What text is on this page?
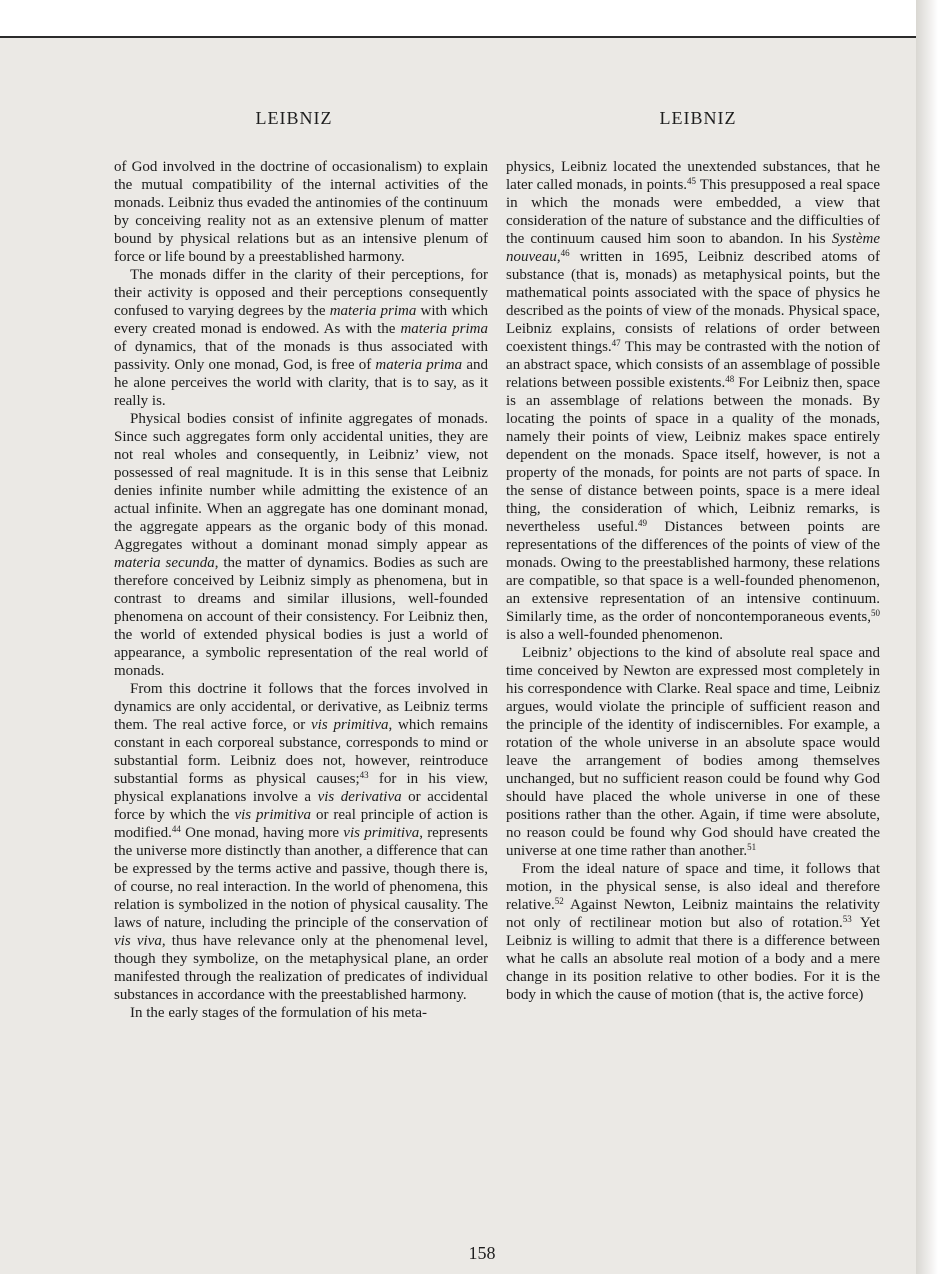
LEIBNIZ	LEIBNIZ

of God involved in the doctrine of occasionalism) to explain the mutual compatibility of the internal activities of the monads. Leibniz thus evaded the antinomies of the continuum by conceiving reality not as an extensive plenum of matter bound by physical relations but as an intensive plenum of force or life bound by a preestablished harmony.

The monads differ in the clarity of their perceptions, for their activity is opposed and their perceptions consequently confused to varying degrees by the materia prima with which every created monad is endowed. As with the materia prima of dynamics, that of the monads is thus associated with passivity. Only one monad, God, is free of materia prima and he alone perceives the world with clarity, that is to say, as it really is.

Physical bodies consist of infinite aggregates of monads. Since such aggregates form only accidental unities, they are not real wholes and consequently, in Leibniz’ view, not possessed of real magnitude. It is in this sense that Leibniz denies infinite number while admitting the existence of an actual infinite. When an aggregate has one dominant monad, the aggregate appears as the organic body of this monad. Aggregates without a dominant monad simply appear as materia secunda, the matter of dynamics. Bodies as such are therefore conceived by Leibniz simply as phenomena, but in contrast to dreams and similar illusions, well-founded phenomena on account of their consistency. For Leibniz then, the world of extended physical bodies is just a world of appearance, a symbolic representation of the real world of monads.

From this doctrine it follows that the forces involved in dynamics are only accidental, or derivative, as Leibniz terms them. The real active force, or vis primitiva, which remains constant in each corporeal substance, corresponds to mind or substantial form. Leibniz does not, however, reintroduce substantial forms as physical causes;$^{43}$ for in his view, physical explanations involve a vis derivativa or accidental force by which the vis primitiva or real principle of action is modified.$^{44}$ One monad, having more vis primitiva, represents the universe more distinctly than another, a difference that can be expressed by the terms active and passive, though there is, of course, no real interaction. In the world of phenomena, this relation is symbolized in the notion of physical causality. The laws of nature, including the principle of the conservation of vis viva, thus have relevance only at the phenomenal level, though they symbolize, on the metaphysical plane, an order manifested through the realization of predicates of individual substances in accordance with the preestablished harmony.

In the early stages of the formulation of his meta-

physics, Leibniz located the unextended substances, that he later called monads, in points.$^{45}$ This presupposed a real space in which the monads were embedded, a view that consideration of the nature of substance and the difficulties of the continuum caused him soon to abandon. In his Système nouveau,$^{46}$ written in 1695, Leibniz described atoms of substance (that is, monads) as metaphysical points, but the mathematical points associated with the space of physics he described as the points of view of the monads. Physical space, Leibniz explains, consists of relations of order between coexistent things.$^{47}$ This may be contrasted with the notion of an abstract space, which consists of an assemblage of possible relations between possible existents.$^{48}$ For Leibniz then, space is an assemblage of relations between the monads. By locating the points of space in a quality of the monads, namely their points of view, Leibniz makes space entirely dependent on the monads. Space itself, however, is not a property of the monads, for points are not parts of space. In the sense of distance between points, space is a mere ideal thing, the consideration of which, Leibniz remarks, is nevertheless useful.$^{49}$ Distances between points are representations of the differences of the points of view of the monads. Owing to the preestablished harmony, these relations are compatible, so that space is a well-founded phenomenon, an extensive representation of an intensive continuum. Similarly time, as the order of noncontemporaneous events,$^{50}$ is also a well-founded phenomenon.

Leibniz’ objections to the kind of absolute real space and time conceived by Newton are expressed most completely in his correspondence with Clarke. Real space and time, Leibniz argues, would violate the principle of sufficient reason and the principle of the identity of indiscernibles. For example, a rotation of the whole universe in an absolute space would leave the arrangement of bodies among themselves unchanged, but no sufficient reason could be found why God should have placed the whole universe in one of these positions rather than the other. Again, if time were absolute, no reason could be found why God should have created the universe at one time rather than another.$^{51}$

From the ideal nature of space and time, it follows that motion, in the physical sense, is also ideal and therefore relative.$^{52}$ Against Newton, Leibniz maintains the relativity not only of rectilinear motion but also of rotation.$^{53}$ Yet Leibniz is willing to admit that there is a difference between what he calls an absolute real motion of a body and a mere change in its position relative to other bodies. For it is the body in which the cause of motion (that is, the active force)

158
